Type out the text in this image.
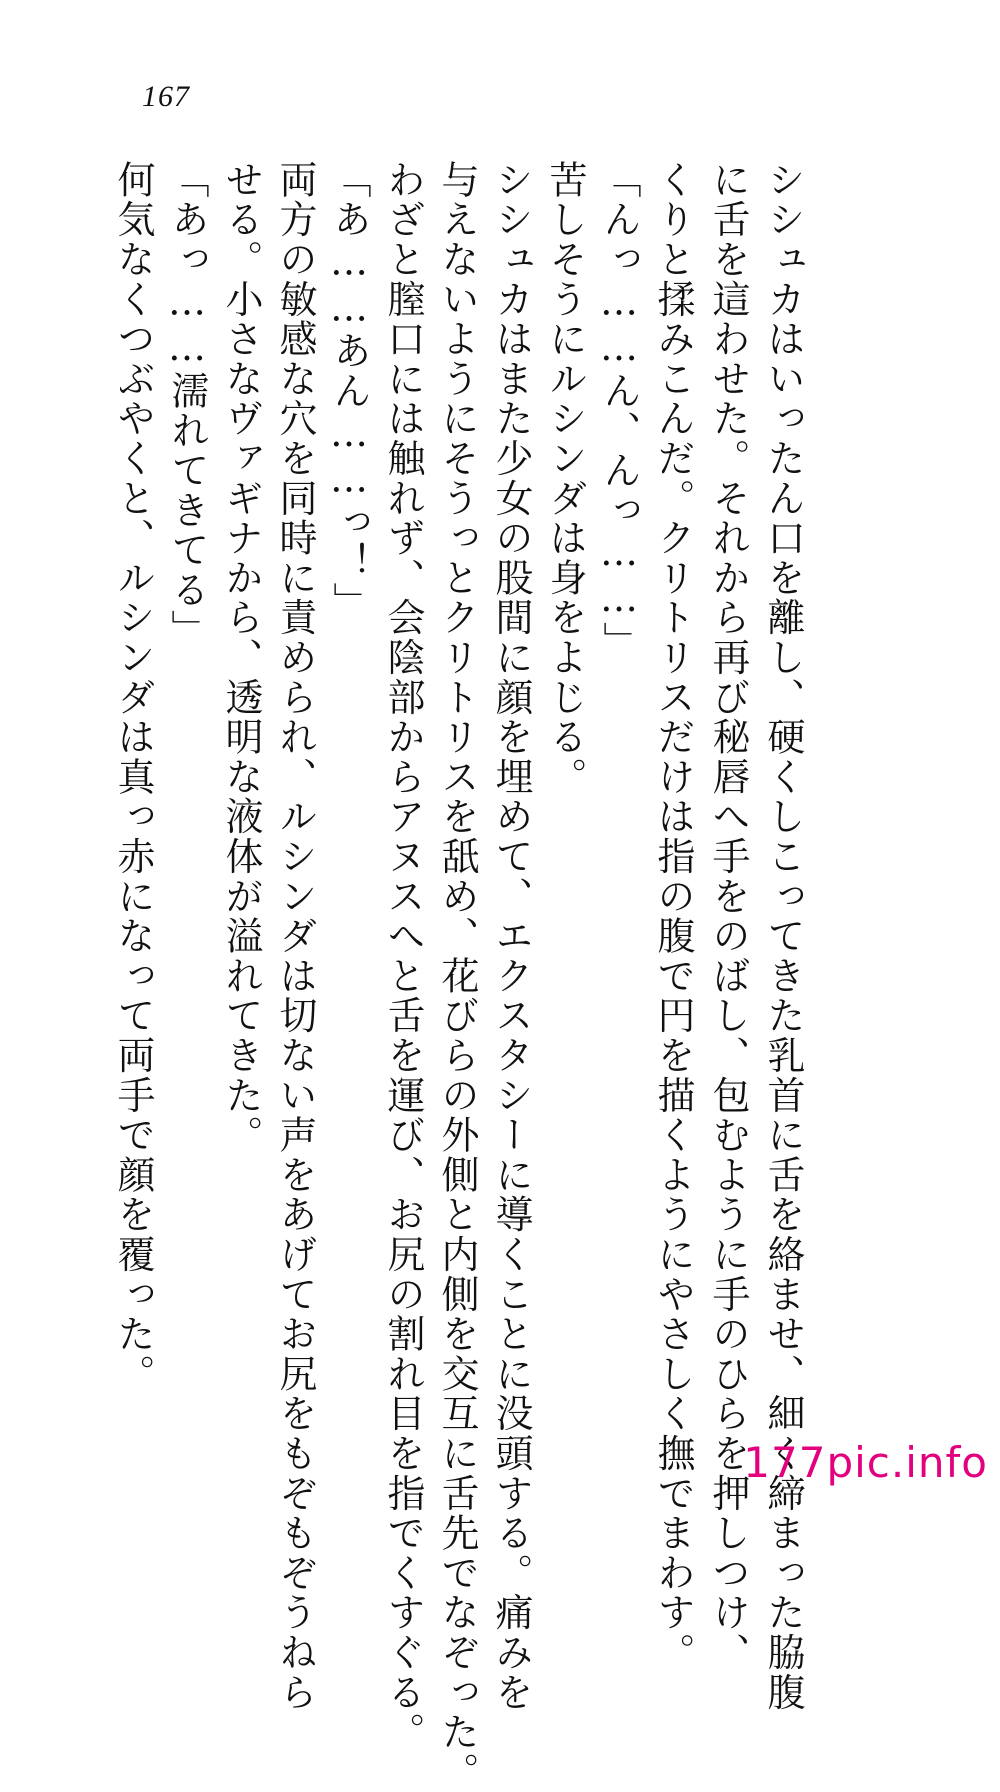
167
シシュカはいったん口を離し、硬くしこってきた乳首に舌を絡ませ、細く締まった脇腹
に舌を這わせた。それから再び秘唇へ手をのばし、包むように手のひらを押しつけ、
くりと揉みこんだ。クリトリスだけは指の腹で円を描くようにやさしく撫でまわす。
「んっ……ん、んっ……」
苦しそうにルシンダは身をよじる。
シシュカはまた少女の股間に顔を埋めて、エクスタシーに導くことに没頭する。痛みを
与えないようにそうっとクリトリスを舐め、花びらの外側と内側を交互に舌先でなぞった。
わざと膣口には触れず、会陰部からアヌスへと舌を運び、お尻の割れ目を指でくすぐる。
「あ……あん……っ！」
両方の敏感な穴を同時に責められ、ルシンダは切ない声をあげてお尻をもぞもぞうねら
せる。小さなヴァギナから、透明な液体が溢れてきた。
「あっ……濡れてきてる」
何気なくつぶやくと、ルシンダは真っ赤になって両手で顔を覆った。
177pic.info
